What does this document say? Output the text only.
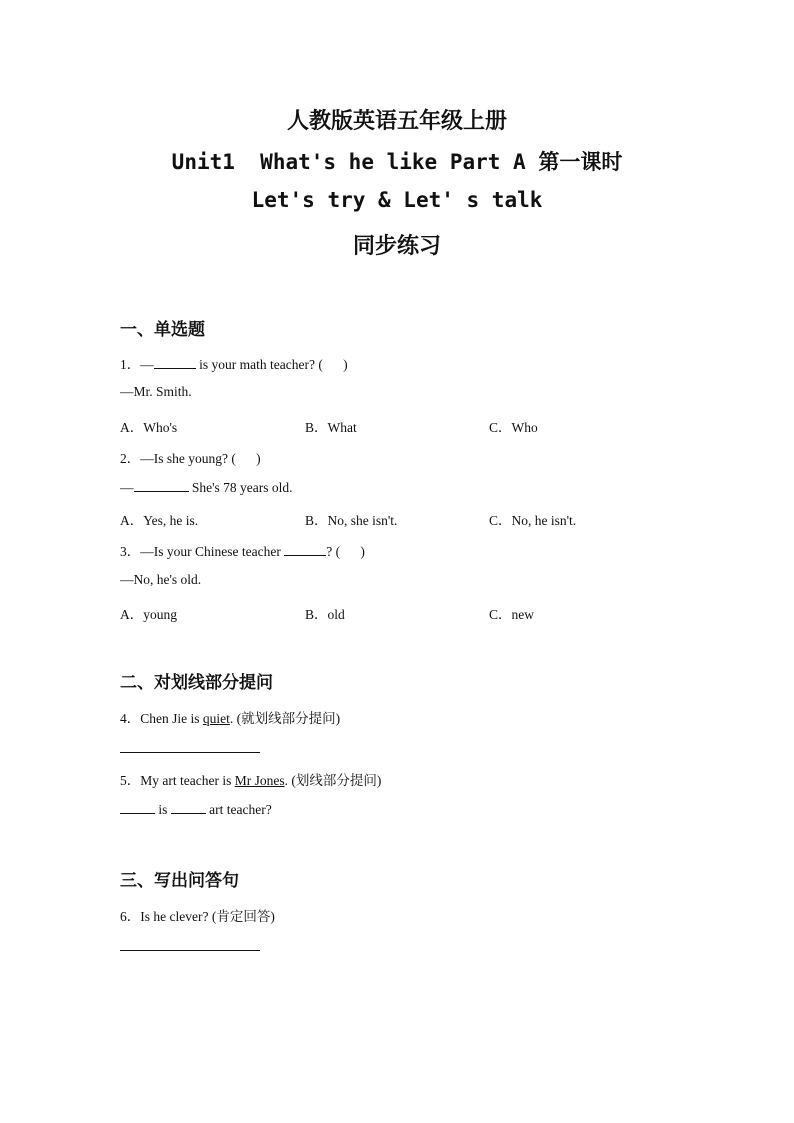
人教版英语五年级上册
Unit1  What's he like Part A 第一课时
Let's try & Let' s talk
同步练习
一、单选题
1．—	is your math teacher? (      )
—Mr. Smith.
A．Who's	B．What	C．Who
2．—Is she young? (      )
—	She's 78 years old.
A．Yes, he is.	B．No, she isn't.	C．No, he isn't.
3．—Is your Chinese teacher	? (      )
—No, he's old.
A．young	B．old	C．new
二、对划线部分提问
4．Chen Jie is quiet. (就划线部分提问)
5．My art teacher is Mr Jones. (划线部分提问)
is	art teacher?
三、写出问答句
6．Is he clever? (肯定回答)
